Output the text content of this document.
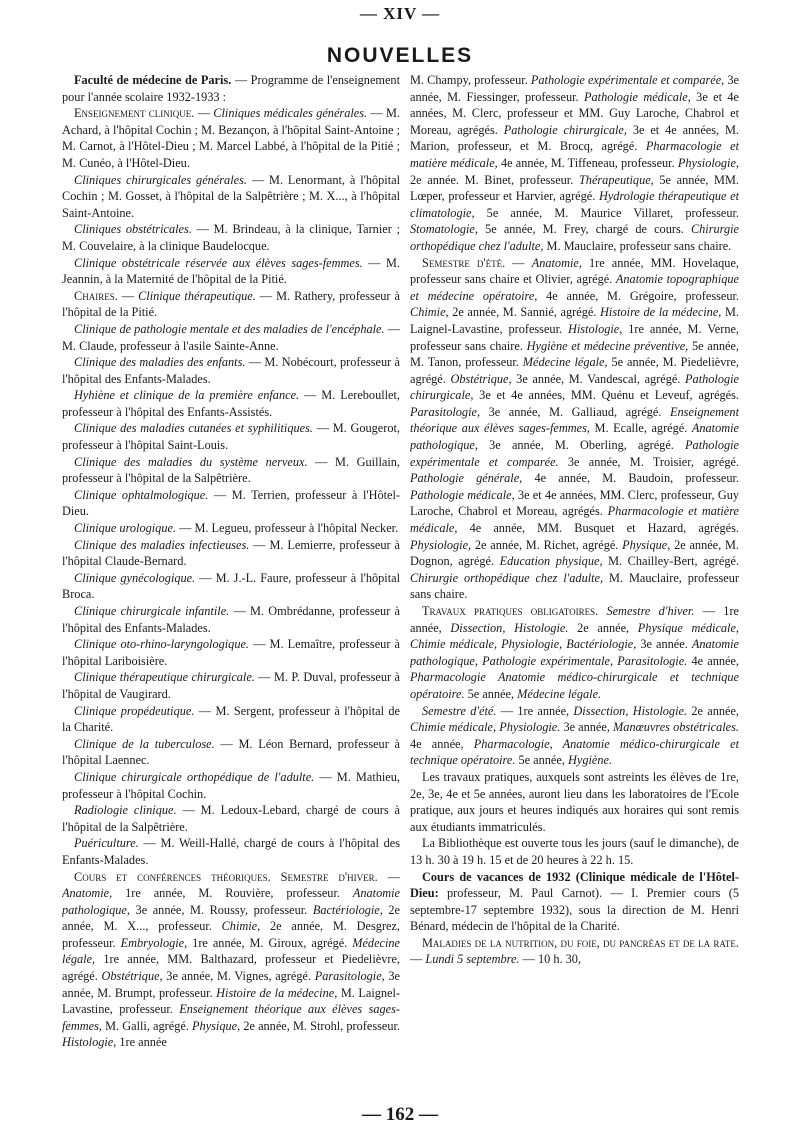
— XIV —
NOUVELLES

Faculté de médecine de Paris. — Programme de l'enseignement pour l'année scolaire 1932-1933 :

Enseignement clinique. — Cliniques médicales générales. — M. Achard, à l'hôpital Cochin ; M. Bezançon, à l'hôpital Saint-Antoine ; M. Carnot, à l'Hôtel-Dieu ; M. Marcel Labbé, à l'hôpital de la Pitié ; M. Cunéo, à l'Hôtel-Dieu.

Cliniques chirurgicales générales. — M. Lenormant, à l'hôpital Cochin ; M. Gosset, à l'hôpital de la Salpêtrière ; M. X..., à l'hôpital Saint-Antoine.

Cliniques obstétricales. — M. Brindeau, à la clinique, Tarnier ; M. Couvelaire, à la clinique Baudelocque.

Clinique obstétricale réservée aux élèves sages-femmes. — M. Jeannin, à la Maternité de l'hôpital de la Pitié.

Chaires. — Clinique thérapeutique. — M. Rathery, professeur à l'hôpital de la Pitié.

Clinique de pathologie mentale et des maladies de l'encéphale. — M. Claude, professeur à l'asile Sainte-Anne.

Clinique des maladies des enfants. — M. Nobécourt, professeur à l'hôpital des Enfants-Malades.

Hyhiène et clinique de la première enfance. — M. Lereboullet, professeur à l'hôpital des Enfants-Assistés.

Clinique des maladies cutanées et syphilitiques. — M. Gougerot, professeur à l'hôpital Saint-Louis.

Clinique des maladies du système nerveux. — M. Guillain, professeur à l'hôpital de la Salpêtrière.

Clinique ophtalmologique. — M. Terrien, professeur à l'Hôtel-Dieu.

Clinique urologique. — M. Legueu, professeur à l'hôpital Necker.

Clinique des maladies infectieuses. — M. Lemierre, professeur à l'hôpital Claude-Bernard.

Clinique gynécologique. — M. J.-L. Faure, professeur à l'hôpital Broca.

Clinique chirurgicale infantile. — M. Ombrédanne, professeur à l'hôpital des Enfants-Malades.

Clinique oto-rhino-laryngologique. — M. Lemaître, professeur à l'hôpital Lariboisière.

Clinique thérapeutique chirurgicale. — M. P. Duval, professeur à l'hôpital de Vaugirard.

Clinique propédeutique. — M. Sergent, professeur à l'hôpital de la Charité.

Clinique de la tuberculose. — M. Léon Bernard, professeur à l'hôpital Laennec.

Clinique chirurgicale orthopédique de l'adulte. — M. Mathieu, professeur à l'hôpital Cochin.

Radiologie clinique. — M. Ledoux-Lebard, chargé de cours à l'hôpital de la Salpêtrière.

Puériculture. — M. Weill-Hallé, chargé de cours à l'hôpital des Enfants-Malades.

Cours et conférences théoriques. Semestre d'hiver. — Anatomie, 1re année, M. Rouvière, professeur. Anatomie pathologique, 3e année, M. Roussy, professeur. Bactériologie, 2e année, M. X..., professeur. Chimie, 2e année, M. Desgrez, professeur. Embryologie, 1re année, M. Giroux, agrégé. Médecine légale, 1re année, MM. Balthazard, professeur et Piedelièvre, agrégé. Obstétrique, 3e année, M. Vignes, agrégé. Parasitologie, 3e année, M. Brumpt, professeur. Histoire de la médecine, M. Laignel-Lavastine, professeur. Enseignement théorique aux élèves sages-femmes, M. Galli, agrégé. Physique, 2e année, M. Strohl, professeur. Histologie, 1re année

M. Champy, professeur. Pathologie expérimentale et comparée, 3e année, M. Fiessinger, professeur. Pathologie médicale, 3e et 4e années, M. Clerc, professeur et MM. Guy Laroche, Chabrol et Moreau, agrégés. Pathologie chirurgicale, 3e et 4e années, M. Marion, professeur, et M. Brocq, agrégé. Pharmacologie et matière médicale, 4e année, M. Tiffeneau, professeur. Physiologie, 2e année. M. Binet, professeur. Thérapeutique, 5e année, MM. Lœper, professeur et Harvier, agrégé. Hydrologie thérapeutique et climatologie, 5e année, M. Maurice Villaret, professeur. Stomatologie, 5e année, M. Frey, chargé de cours. Chirurgie orthopédique chez l'adulte, M. Mauclaire, professeur sans chaire.

Semestre d'été. — Anatomie, 1re année, MM. Hovelaque, professeur sans chaire et Olivier, agrégé. Anatomie topographique et médecine opératoire, 4e année, M. Grégoire, professeur. Chimie, 2e année, M. Sannié, agrégé. Histoire de la médecine, M. Laignel-Lavastine, professeur. Histologie, 1re année, M. Verne, professeur sans chaire. Hygiène et médecine préventive, 5e année, M. Tanon, professeur. Médecine légale, 5e année, M. Piedelièvre, agrégé. Obstétrique, 3e année, M. Vandescal, agrégé. Pathologie chirurgicale, 3e et 4e années, MM. Quénu et Leveuf, agrégés. Parasitologie, 3e année, M. Galliaud, agrégé. Enseignement théorique aux élèves sages-femmes, M. Ecalle, agrégé. Anatomie pathologique, 3e année, M. Oberling, agrégé. Pathologie expérimentale et comparée. 3e année, M. Troisier, agrégé. Pathologie générale, 4e année, M. Baudoin, professeur. Pathologie médicale, 3e et 4e années, MM. Clerc, professeur, Guy Laroche, Chabrol et Moreau, agrégés. Pharmacologie et matière médicale, 4e année, MM. Busquet et Hazard, agrégés. Physiologie, 2e année, M. Richet, agrégé. Physique, 2e année, M. Dognon, agrégé. Education physique, M. Chailley-Bert, agrégé. Chirurgie orthopédique chez l'adulte, M. Mauclaire, professeur sans chaire.

Travaux pratiques obligatoires. Semestre d'hiver. — 1re année, Dissection, Histologie. 2e année, Physique médicale, Chimie médicale, Physiologie, Bactériologie, 3e année. Anatomie pathologique, Pathologie expérimentale, Parasitologie. 4e année, Pharmacologie Anatomie médico-chirurgicale et technique opératoire. 5e année, Médecine légale.

Semestre d'été. — 1re année, Dissection, Histologie. 2e année, Chimie médicale, Physiologie. 3e année, Manœuvres obstétricales. 4e année, Pharmacologie, Anatomie médico-chirurgicale et technique opératoire. 5e année, Hygiène.

Les travaux pratiques, auxquels sont astreints les élèves de 1re, 2e, 3e, 4e et 5e années, auront lieu dans les laboratoires de l'Ecole pratique, aux jours et heures indiqués aux horaires qui sont remis aux étudiants immatriculés.

La Bibliothèque est ouverte tous les jours (sauf le dimanche), de 13 h. 30 à 19 h. 15 et de 20 heures à 22 h. 15.

Cours de vacances de 1932 (Clinique médicale de l'Hôtel-Dieu: professeur, M. Paul Carnot). — I. Premier cours (5 septembre-17 septembre 1932), sous la direction de M. Henri Bénard, médecin de l'hôpital de la Charité.

Maladies de la nutrition, du foie, du pancréas et de la rate. — Lundi 5 septembre. — 10 h. 30,

— 162 —
